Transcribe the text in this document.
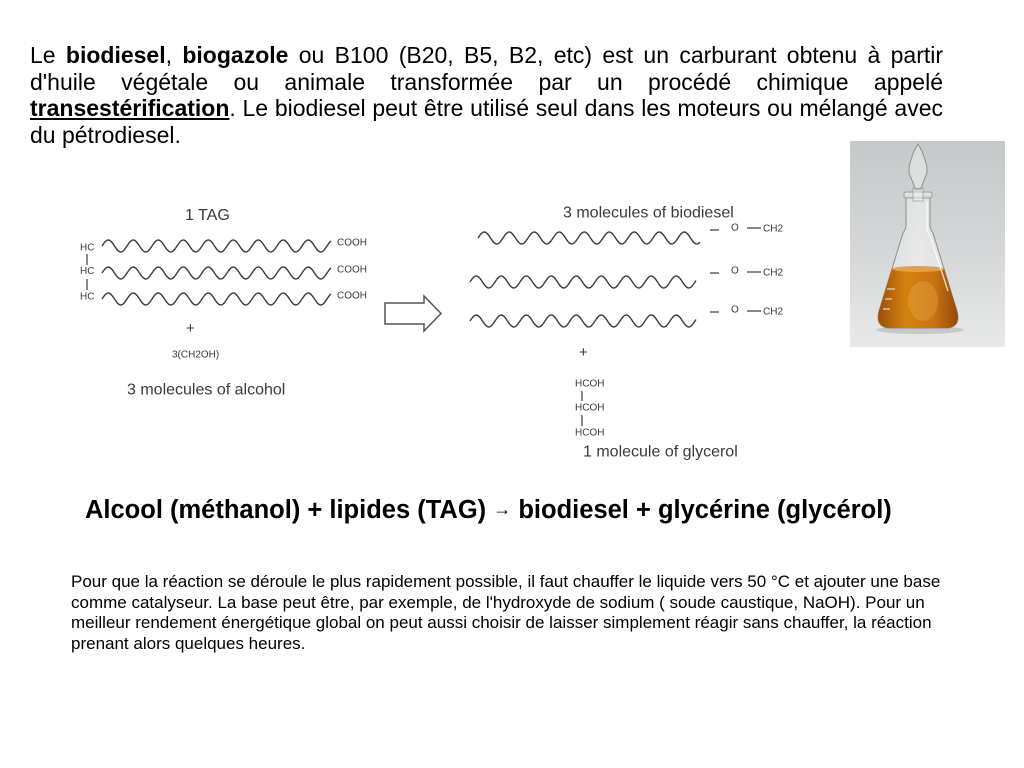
Le biodiesel, biogazole ou B100 (B20, B5, B2, etc) est un carburant obtenu à partir d'huile végétale ou animale transformée par un procédé chimique appelé transestérification. Le biodiesel peut être utilisé seul dans les moteurs ou mélangé avec du pétrodiesel.

1 TAG
HC
HC
HC
COOH
COOH
COOH
+
3(CH2OH)
3 molecules of alcohol
3 molecules of biodiesel
O CH2
O CH2
O CH2
+
HCOH
HCOH
HCOH
1 molecule of glycerol

Alcool (méthanol) + lipides (TAG) → biodiesel + glycérine (glycérol)

Pour que la réaction se déroule le plus rapidement possible, il faut chauffer le liquide vers 50 °C et ajouter une base comme catalyseur. La base peut être, par exemple, de l'hydroxyde de sodium ( soude caustique, NaOH). Pour un meilleur rendement énergétique global on peut aussi choisir de laisser simplement réagir sans chauffer, la réaction prenant alors quelques heures.
